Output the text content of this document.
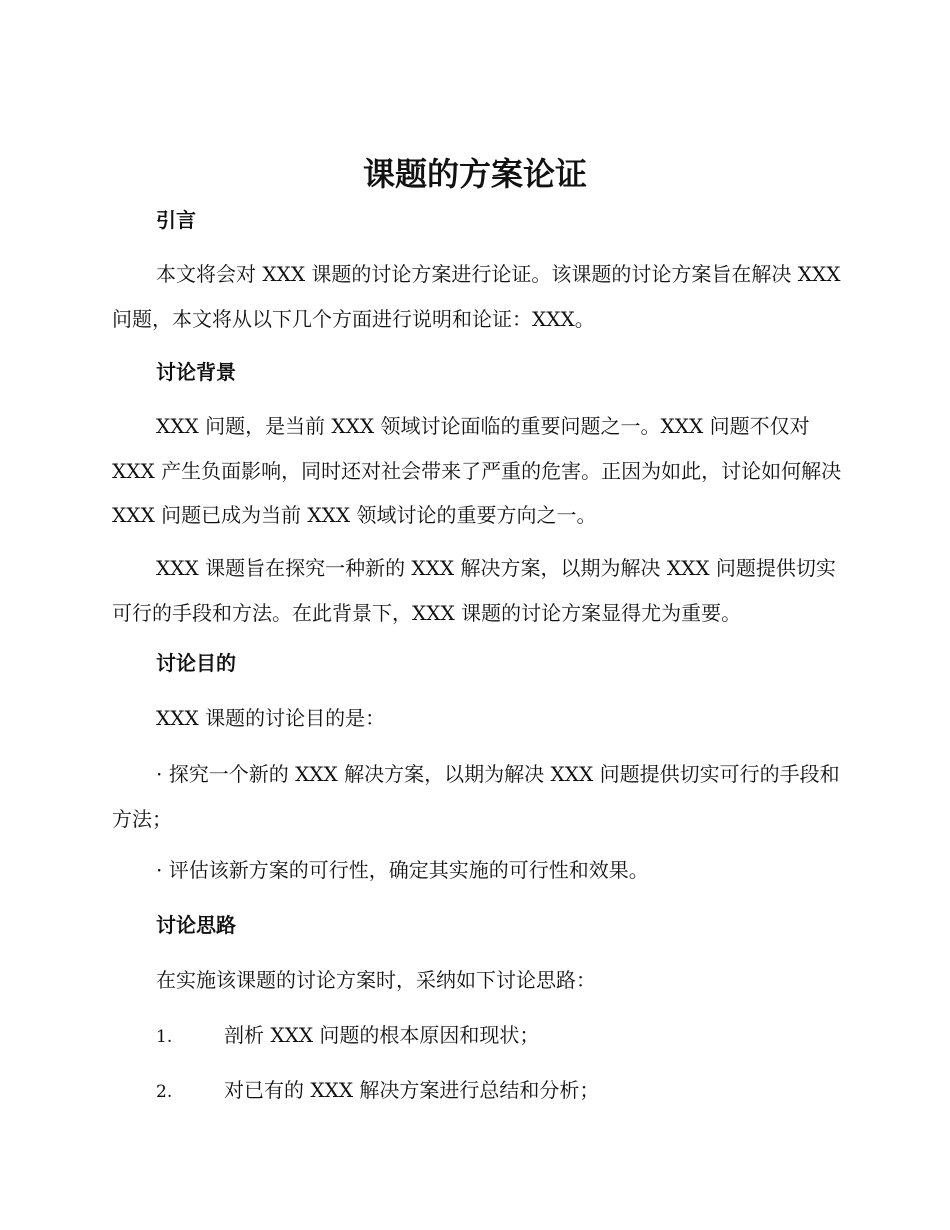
课题的方案论证
引言

本文将会对 XXX 课题的讨论方案进行论证。该课题的讨论方案旨在解决 XXX 问题，本文将从以下几个方面进行说明和论证：XXX。

讨论背景

XXX 问题，是当前 XXX 领域讨论面临的重要问题之一。XXX 问题不仅对 XXX 产生负面影响，同时还对社会带来了严重的危害。正因为如此，讨论如何解决 XXX 问题已成为当前 XXX 领域讨论的重要方向之一。

XXX 课题旨在探究一种新的 XXX 解决方案，以期为解决 XXX 问题提供切实可行的手段和方法。在此背景下，XXX 课题的讨论方案显得尤为重要。

讨论目的

XXX 课题的讨论目的是：

· 探究一个新的 XXX 解决方案，以期为解决 XXX 问题提供切实可行的手段和方法；

· 评估该新方案的可行性，确定其实施的可行性和效果。

讨论思路

在实施该课题的讨论方案时，采纳如下讨论思路：

1.	剖析 XXX 问题的根本原因和现状；
2.	对已有的 XXX 解决方案进行总结和分析；
